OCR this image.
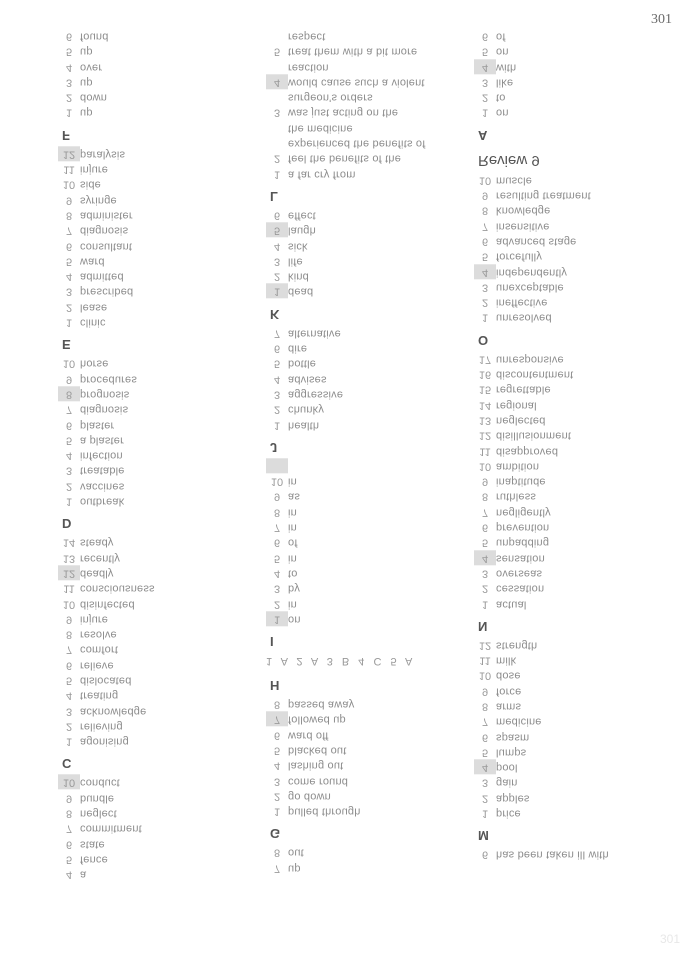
301
301
6 found
5 up
4 over
3 up
2 down
1 up
F
12 paralysis
11 injure
10 side
9 syringe
8 administer
7 diagnosis
6 consultant
5 ward
4 admitted
3 prescribed
2 lease
1 clinic
E
10 horse
9 procedures
8 prognosis
7 diagnosis
6 plaster
5 a plaster
4 infection
3 treatable
2 vaccines
1 outbreak
D
14 steady
13 recently
12 deadly
11 consciousness
10 disinfected
9 injure
8 resolve
7 comfort
6 relieve
5 dislocated
4 treating
3 acknowledge
2 relieving
1 agonising
C
10 conduct
9 bundle
8 neglect
7 commitment
6 state
5 fence
4 a
respect
5 treat them with a bit more
reaction
4 would cause such a violent
surgeon's orders
3 was just acting on the
the medicine
experienced the benefits of
2 feel the benefits of the
1 a far cry from
L
6 effect
5 laugh
4 sick
3 life
2 kind
1 dead
K
7 alternative
6 dire
5 bottle
4 advises
3 aggressive
2 chunky
1 health
J
10 in
9 as
8 in
7 in
6 of
5 in
4 to
3 by
2 in
1 on
I
1 A 2 A 3 B 4 C 5 A
H
8 passed away
7 followed up
6 ward off
5 blacked out
4 lashing out
3 come round
2 go down
1 pulled through
G
8 out
7 up
6 of
5 on
4 with
3 like
2 to
1 on
A
Review 9
10 muscle
9 resulting treatment
8 knowledge
7 insensitive
6 advanced stage
5 forcefully
4 independently
3 unexceptable
2 ineffective
1 unresolved
O
17 unresponsive
16 discontentment
15 regrettable
14 regional
13 neglected
12 disillusionment
11 disapproved
10 ambition
9 inaptitude
8 ruthless
7 negligently
6 prevention
5 unpadding
4 sensation
3 overseas
2 cessation
1 actual
N
12 strength
11 milk
10 dose
9 force
8 arms
7 medicine
6 spasm
5 lumps
4 pool
3 gain
2 apples
1 price
M
6 has been taken ill with
